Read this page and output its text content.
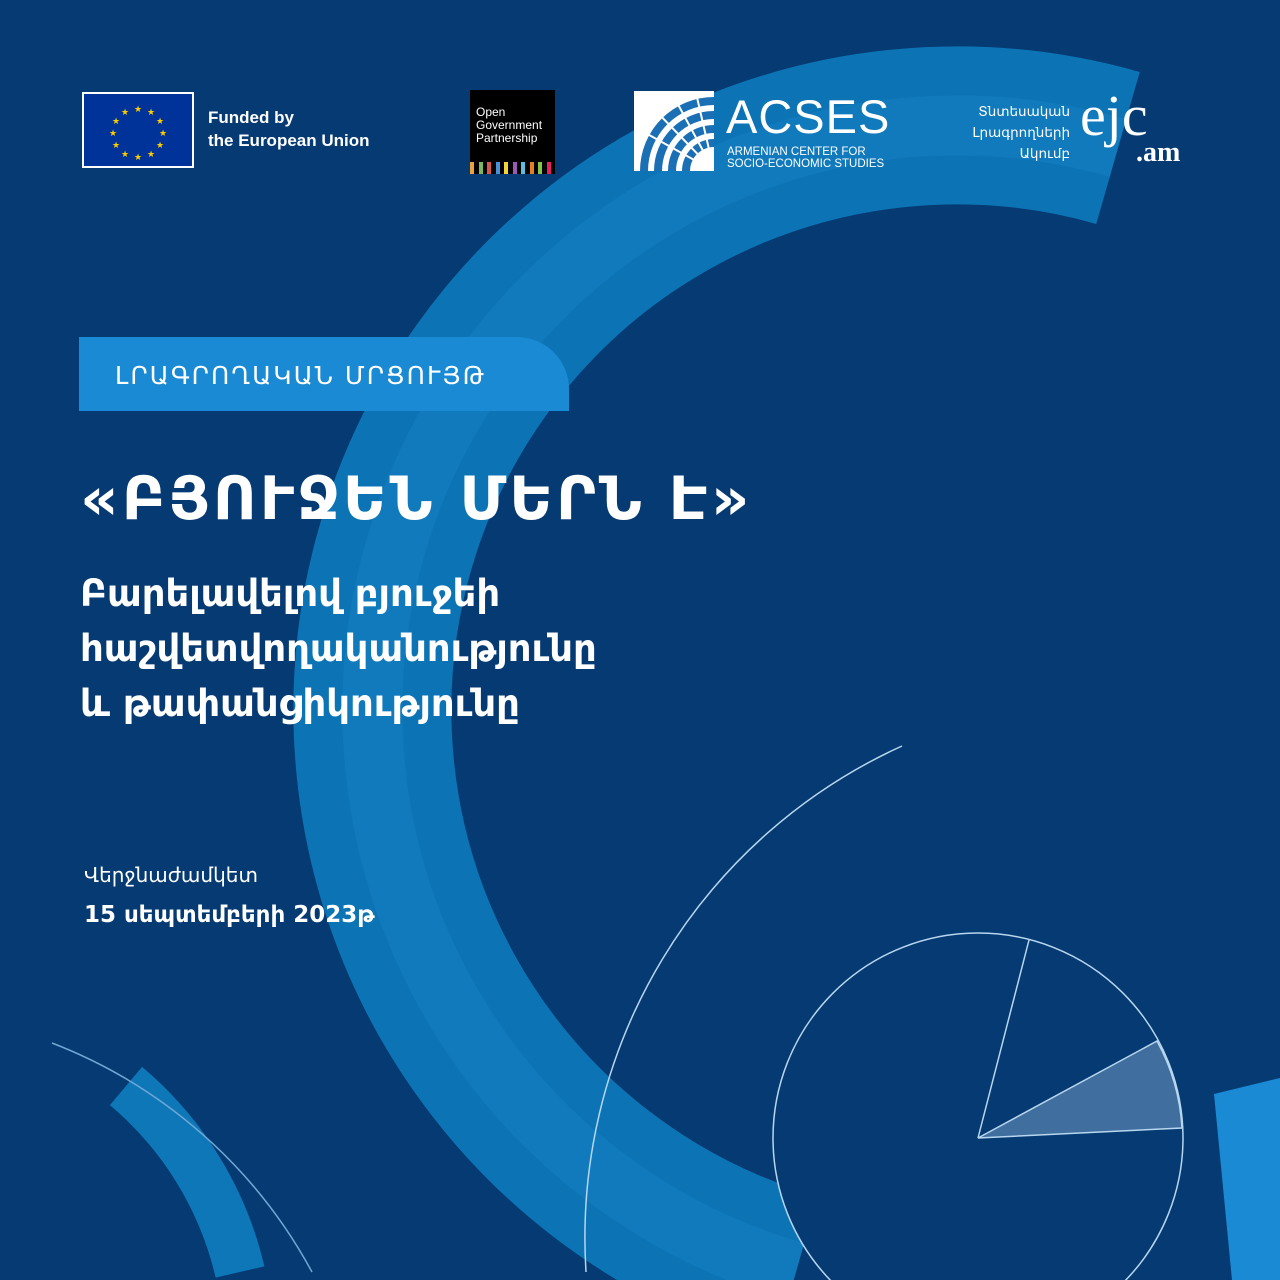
★ ★
★
★
★
★
★
★
★
★
★
★	Funded by
the European Union
Open
Government
Partnership	ACSES
ARMENIAN CENTER FOR
SOCIO-ECONOMIC STUDIES
Տնտեսական
Լրագրողների
Ակումբ
ejc
.am
ԼՐԱԳՐՈՂԱԿԱՆ ՄՐՑՈՒՅԹ
«ԲՅՈՒՋԵՆ ՄԵՐՆ Է»
Բարելավելով բյուջեի
հաշվետվողականությունը
և թափանցիկությունը
Վերջնաժամկետ
15 սեպտեմբերի 2023թ
